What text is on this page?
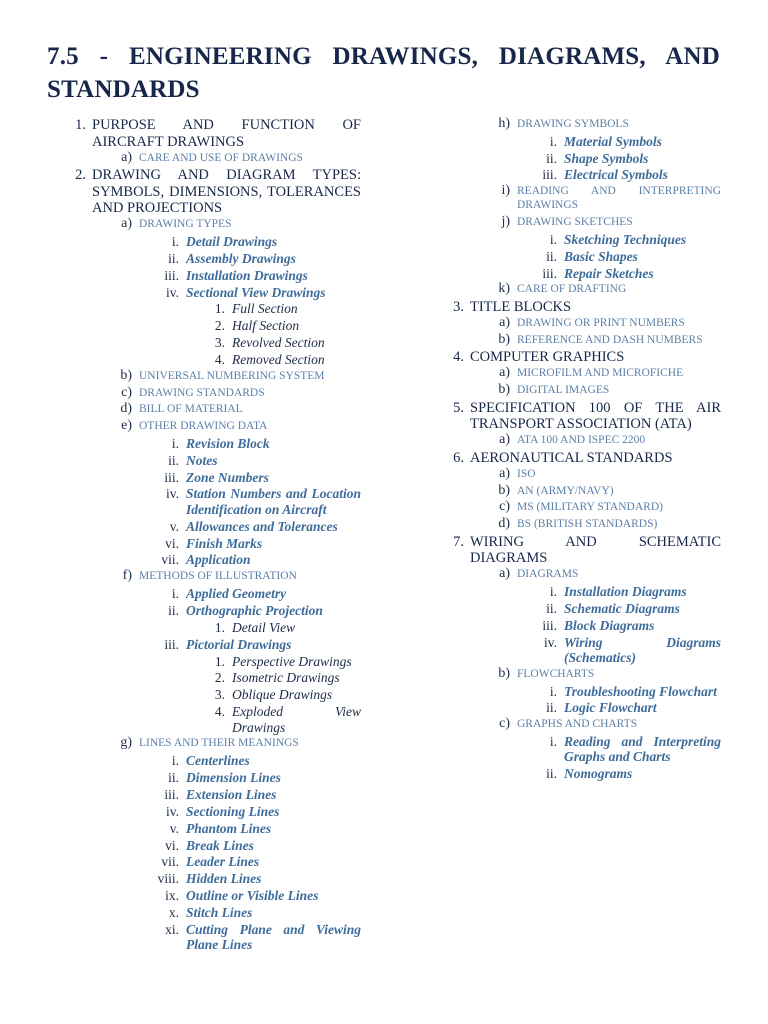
7.5 - ENGINEERING DRAWINGS, DIAGRAMS, AND STANDARDS
1. PURPOSE AND FUNCTION OF AIRCRAFT DRAWINGS
a) CARE AND USE OF DRAWINGS
2. DRAWING AND DIAGRAM TYPES: SYMBOLS, DIMENSIONS, TOLERANCES AND PROJECTIONS
a) DRAWING TYPES
i. Detail Drawings
ii. Assembly Drawings
iii. Installation Drawings
iv. Sectional View Drawings
1. Full Section
2. Half Section
3. Revolved Section
4. Removed Section
b) UNIVERSAL NUMBERING SYSTEM
c) DRAWING STANDARDS
d) BILL OF MATERIAL
e) OTHER DRAWING DATA
i. Revision Block
ii. Notes
iii. Zone Numbers
iv. Station Numbers and Location Identification on Aircraft
v. Allowances and Tolerances
vi. Finish Marks
vii. Application
f) METHODS OF ILLUSTRATION
i. Applied Geometry
ii. Orthographic Projection
1. Detail View
iii. Pictorial Drawings
1. Perspective Drawings
2. Isometric Drawings
3. Oblique Drawings
4. Exploded View Drawings
g) LINES AND THEIR MEANINGS
i. Centerlines
ii. Dimension Lines
iii. Extension Lines
iv. Sectioning Lines
v. Phantom Lines
vi. Break Lines
vii. Leader Lines
viii. Hidden Lines
ix. Outline or Visible Lines
x. Stitch Lines
xi. Cutting Plane and Viewing Plane Lines
h) DRAWING SYMBOLS
i. Material Symbols
ii. Shape Symbols
iii. Electrical Symbols
i) READING AND INTERPRETING DRAWINGS
j) DRAWING SKETCHES
i. Sketching Techniques
ii. Basic Shapes
iii. Repair Sketches
k) CARE OF DRAFTING
3. TITLE BLOCKS
a) DRAWING OR PRINT NUMBERS
b) REFERENCE AND DASH NUMBERS
4. COMPUTER GRAPHICS
a) MICROFILM AND MICROFICHE
b) DIGITAL IMAGES
5. SPECIFICATION 100 OF THE AIR TRANSPORT ASSOCIATION (ATA)
a) ATA 100 AND ISPEC 2200
6. AERONAUTICAL STANDARDS
a) ISO
b) AN (ARMY/NAVY)
c) MS (MILITARY STANDARD)
d) BS (BRITISH STANDARDS)
7. WIRING AND SCHEMATIC DIAGRAMS
a) DIAGRAMS
i. Installation Diagrams
ii. Schematic Diagrams
iii. Block Diagrams
iv. Wiring Diagrams (Schematics)
b) FLOWCHARTS
i. Troubleshooting Flowchart
ii. Logic Flowchart
c) GRAPHS AND CHARTS
i. Reading and Interpreting Graphs and Charts
ii. Nomograms
